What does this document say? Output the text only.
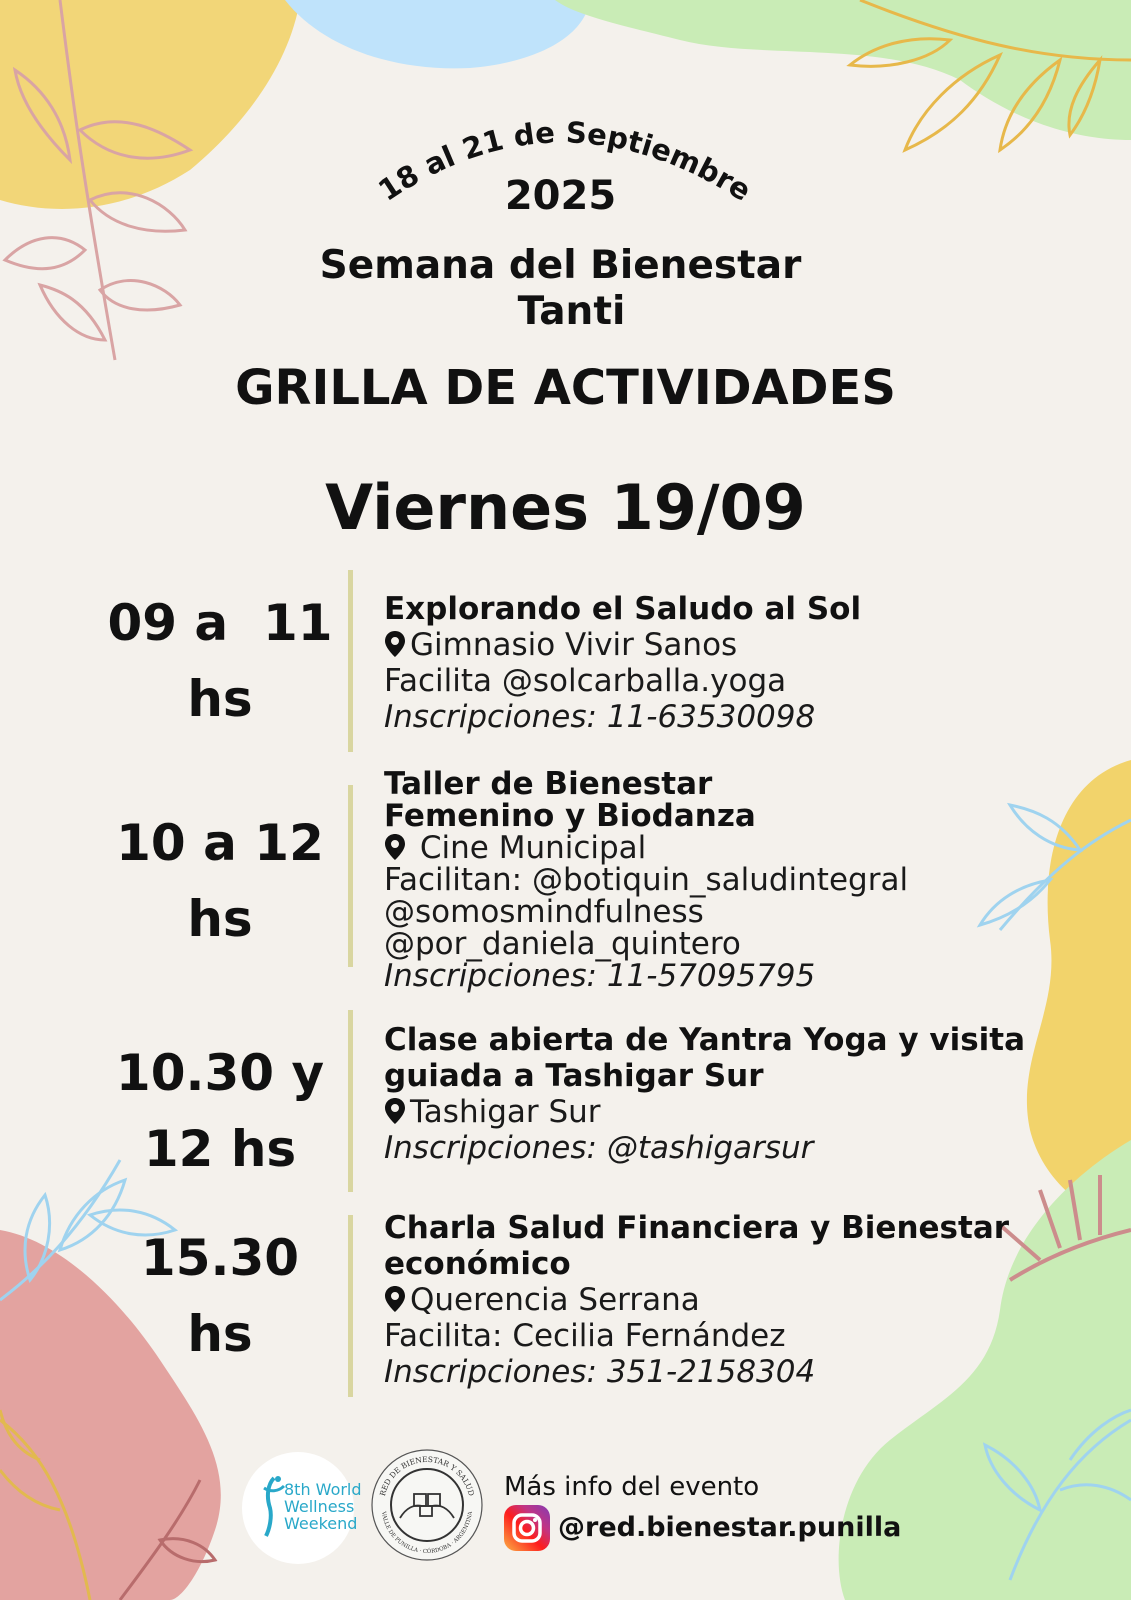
18 al 21 de Septiembre
2025
Semana del Bienestar
Tanti
GRILLA DE ACTIVIDADES
Viernes 19/09
09 a  11
hs
Explorando el Saludo al Sol
Gimnasio Vivir Sanos
Facilita @solcarballa.yoga
Inscripciones: 11-63530098
10 a 12
hs
Taller de Bienestar
Femenino y Biodanza
Cine Municipal
Facilitan: @botiquin_saludintegral
@somosmindfulness
@por_daniela_quintero
Inscripciones: 11-57095795
10.30 y
12 hs
Clase abierta de Yantra Yoga y visita
guiada a Tashigar Sur
Tashigar Sur
Inscripciones: @tashigarsur
15.30
hs
Charla Salud Financiera y Bienestar
económico
Querencia Serrana
Facilita: Cecilia Fernández
Inscripciones: 351-2158304
8th World
Wellness
Weekend
RED DE BIENESTAR Y SALUD
VALLE DE PUNILLA · CÓRDOBA · ARGENTINA
Más info del evento
@red.bienestar.punilla
